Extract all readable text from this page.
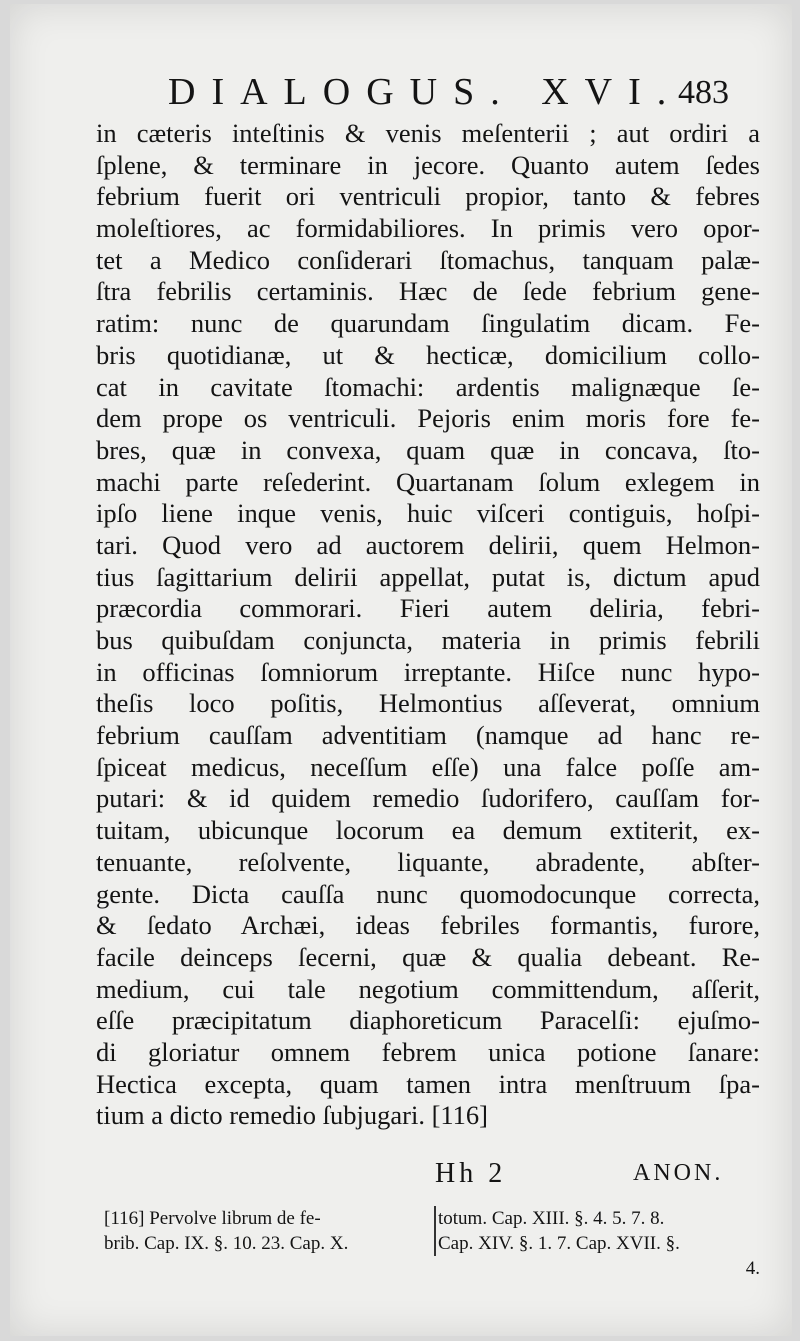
DIALOGUS. XVI.
483
in cæteris inteſtinis & venis meſenterii ; aut ordiri a
ſplene, & terminare in jecore. Quanto autem ſedes
febrium fuerit ori ventriculi propior, tanto & febres
moleſtiores, ac formidabiliores. In primis vero opor-
tet a Medico conſiderari ſtomachus, tanquam palæ-
ſtra febrilis certaminis. Hæc de ſede febrium gene-
ratim: nunc de quarundam ſingulatim dicam. Fe-
bris quotidianæ, ut & hecticæ, domicilium collo-
cat in cavitate ſtomachi: ardentis malignæque ſe-
dem prope os ventriculi. Pejoris enim moris fore fe-
bres, quæ in convexa, quam quæ in concava, ſto-
machi parte reſederint. Quartanam ſolum exlegem in
ipſo liene inque venis, huic viſceri contiguis, hoſpi-
tari. Quod vero ad auctorem delirii, quem Helmon-
tius ſagittarium delirii appellat, putat is, dictum apud
præcordia commorari. Fieri autem deliria, febri-
bus quibuſdam conjuncta, materia in primis febrili
in officinas ſomniorum irreptante. Hiſce nunc hypo-
theſis loco poſitis, Helmontius aſſeverat, omnium
febrium cauſſam adventitiam (namque ad hanc re-
ſpiceat medicus, neceſſum eſſe) una falce poſſe am-
putari: & id quidem remedio ſudorifero, cauſſam for-
tuitam, ubicunque locorum ea demum extiterit, ex-
tenuante, reſolvente, liquante, abradente, abſter-
gente. Dicta cauſſa nunc quomodocunque correcta,
& ſedato Archæi, ideas febriles formantis, furore,
facile deinceps ſecerni, quæ & qualia debeant. Re-
medium, cui tale negotium committendum, aſſerit,
eſſe præcipitatum diaphoreticum Paracelſi: ejuſmo-
di gloriatur omnem febrem unica potione ſanare:
Hectica excepta, quam tamen intra menſtruum ſpa-
tium a dicto remedio ſubjugari. [116]
Hh 2	ANON.
[116] Pervolve librum de fe-
brib. Cap. IX. §. 10. 23. Cap. X.
totum. Cap. XIII. §. 4. 5. 7. 8.
Cap. XIV. §. 1. 7. Cap. XVII. §.
4.
